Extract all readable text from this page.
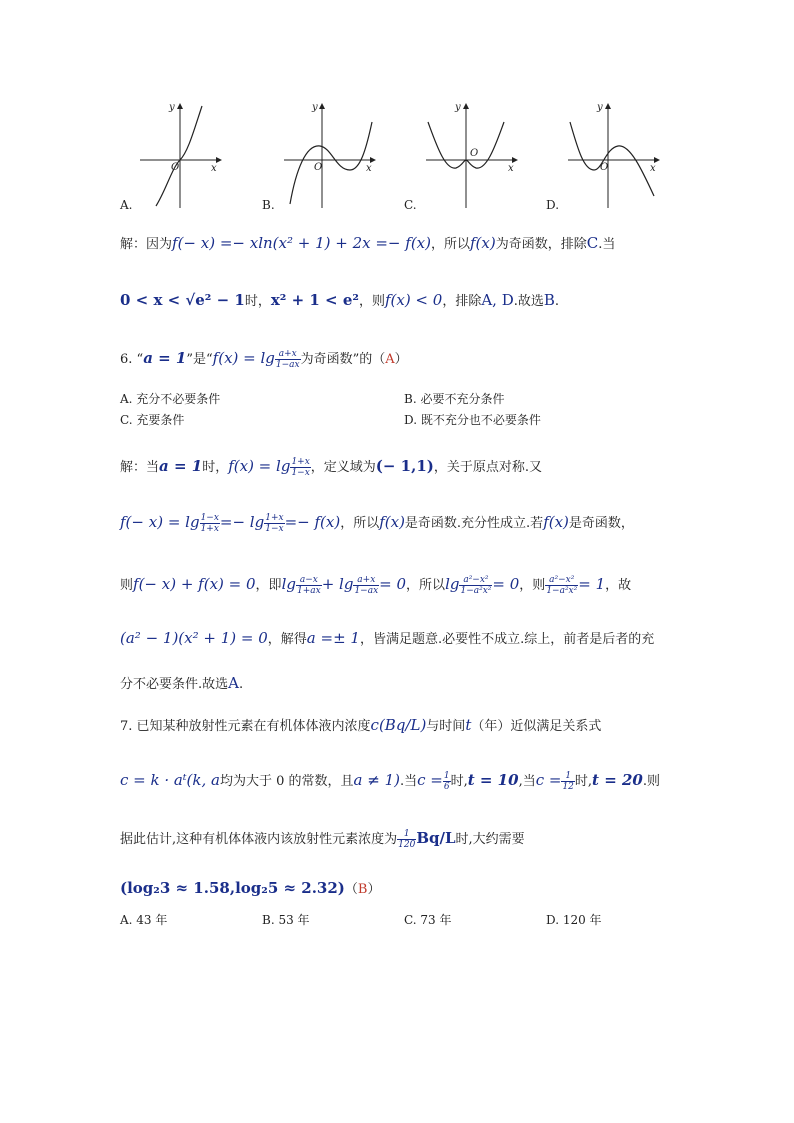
y
x
O
A.
y
x
O
B.
y
x
O
C.
y
x
O
D.
解：因为f(− x) =− xln(x² + 1) + 2x =− f(x)，所以f(x)为奇函数，排除C.当
0 < x < √e² − 1时，x² + 1 < e²，则f(x) < 0，排除A, D.故选B.
6. “a = 1”是“$f(x) = \lg \frac{a+x}{1-ax}$ 为奇函数”的（A）
A. 充分不必要条件	B. 必要不充分条件
C. 充要条件	D. 既不充分也不必要条件
解：当a = 1时，$f(x) = \lg \frac{1+x}{1-x}$ ，定义域为(− 1,1)，关于原点对称.又
$f(- x) = \lg \frac{1-x}{1+x} =- \lg \frac{1+x}{1-x} =- f(x)$，所以f(x)是奇函数.充分性成立.若f(x)是奇函数，
则f(− x) + f(x) = 0，即$\lg \frac{a-x}{1+ax} + \lg \frac{a+x}{1-ax} = 0$，所以$\lg \frac{\text{a²−x²}}{\text{1−a²x²}} = 0$，则 $\frac{\text{a²−x²}}{\text{1−a²x²}} = 1$，故
(a² − 1)(x² + 1) = 0，解得a =± 1，皆满足题意.必要性不成立.综上，前者是后者的充
分不必要条件.故选A.
7. 已知某种放射性元素在有机体体液内浓度c(Bq/L)与时间t（年）近似满足关系式
c = k · aᵗ(k, a均为大于 0 的常数，且a ≠ 1).当$c = \frac{1}{6}$ 时,t = 10,当$c = \frac{1}{12}$ 时,t = 20.则
据此估计,这种有机体体液内该放射性元素浓度为 $\frac{1}{120} Bq/L$时,大约需要
(log₂3 ≈ 1.58,log₂5 ≈ 2.32)（B）
A. 43 年	B. 53 年	C. 73 年	D. 120 年
